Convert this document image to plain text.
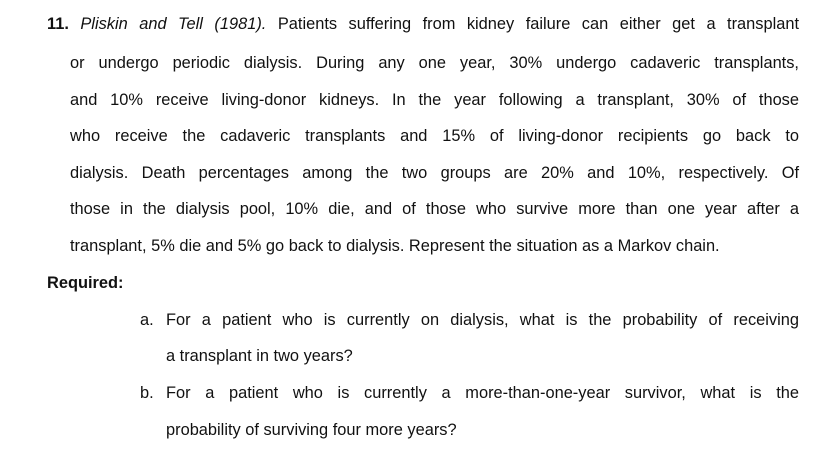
11. Pliskin and Tell (1981). Patients suffering from kidney failure can either get a transplant
or undergo periodic dialysis. During any one year, 30% undergo cadaveric transplants,
and 10% receive living-donor kidneys. In the year following a transplant, 30% of those
who receive the cadaveric transplants and 15% of living-donor recipients go back to
dialysis. Death percentages among the two groups are 20% and 10%, respectively. Of
those in the dialysis pool, 10% die, and of those who survive more than one year after a
transplant, 5% die and 5% go back to dialysis. Represent the situation as a Markov chain.
Required:
a. For a patient who is currently on dialysis, what is the probability of receiving
a transplant in two years?
b. For a patient who is currently a more-than-one-year survivor, what is the
probability of surviving four more years?
